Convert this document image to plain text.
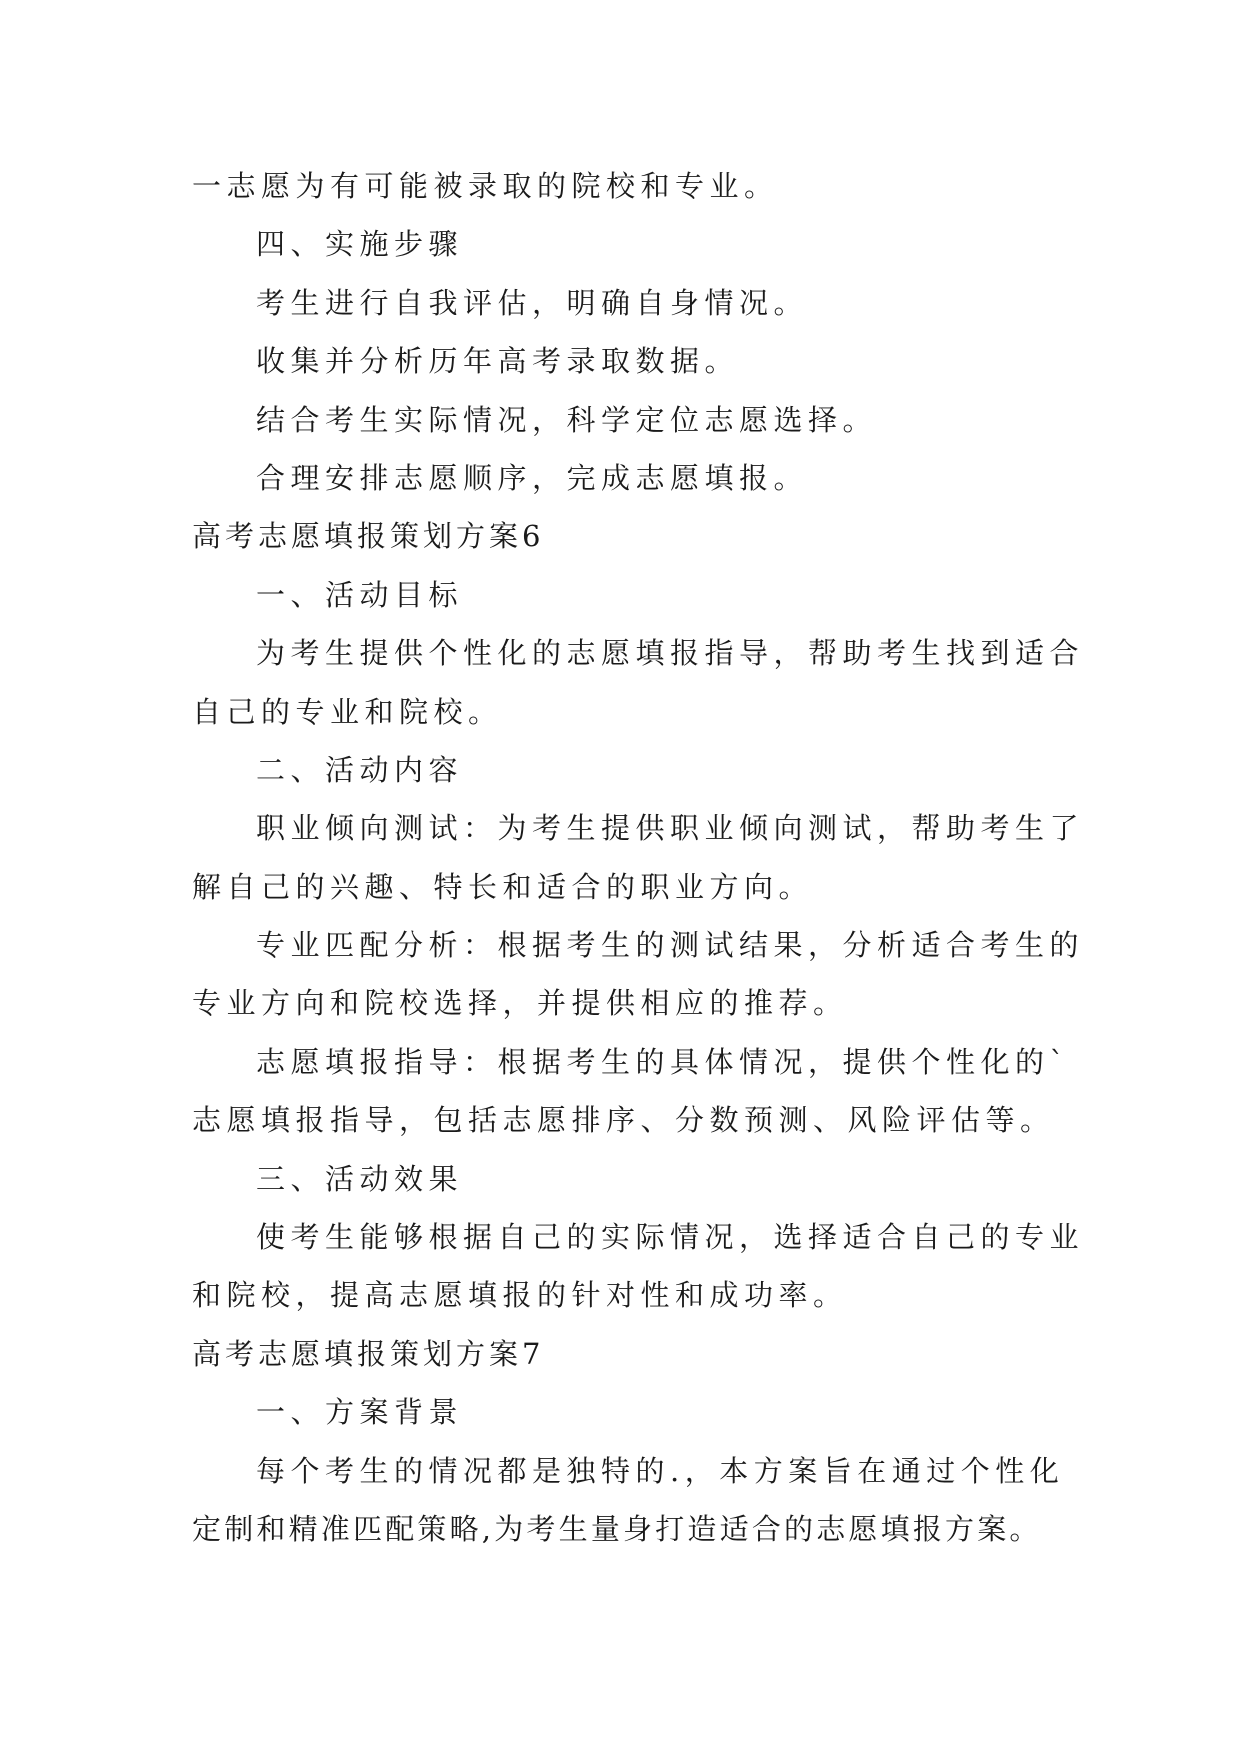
一志愿为有可能被录取的院校和专业。
四、实施步骤
考生进行自我评估，明确自身情况。
收集并分析历年高考录取数据。
结合考生实际情况，科学定位志愿选择。
合理安排志愿顺序，完成志愿填报。
高考志愿填报策划方案6
一、活动目标
为考生提供个性化的志愿填报指导，帮助考生找到适合
自己的专业和院校。
二、活动内容
职业倾向测试：为考生提供职业倾向测试，帮助考生了
解自己的兴趣、特长和适合的职业方向。
专业匹配分析：根据考生的测试结果，分析适合考生的
专业方向和院校选择，并提供相应的推荐。
志愿填报指导：根据考生的具体情况，提供个性化的`
志愿填报指导，包括志愿排序、分数预测、风险评估等。
三、活动效果
使考生能够根据自己的实际情况，选择适合自己的专业
和院校，提高志愿填报的针对性和成功率。
高考志愿填报策划方案7
一、方案背景
每个考生的情况都是独特的.，本方案旨在通过个性化
定制和精准匹配策略,为考生量身打造适合的志愿填报方案。
